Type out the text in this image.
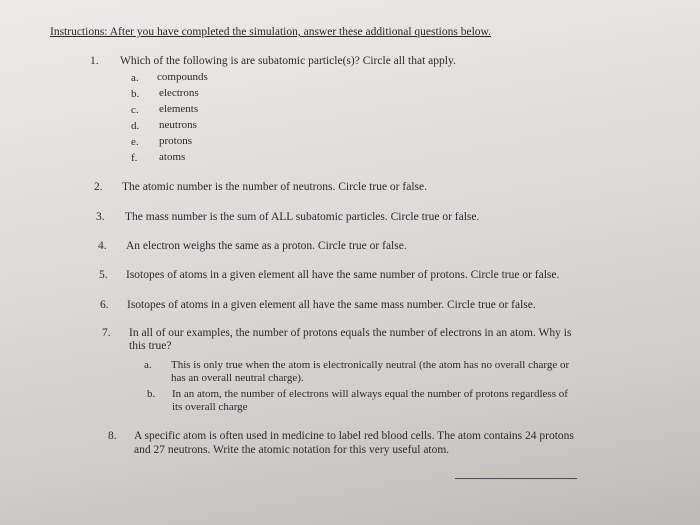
Instructions: After you have completed the simulation, answer these additional questions below.
1. Which of the following is are subatomic particle(s)? Circle all that apply.
a. compounds
b. electrons
c. elements
d. neutrons
e. protons
f. atoms
2. The atomic number is the number of neutrons. Circle true or false.
3. The mass number is the sum of ALL subatomic particles. Circle true or false.
4. An electron weighs the same as a proton. Circle true or false.
5. Isotopes of atoms in a given element all have the same number of protons. Circle true or false.
6. Isotopes of atoms in a given element all have the same mass number. Circle true or false.
7. In all of our examples, the number of protons equals the number of electrons in an atom. Why is
this true?
a. This is only true when the atom is electronically neutral (the atom has no overall charge or
has an overall neutral charge).
b. In an atom, the number of electrons will always equal the number of protons regardless of
its overall charge
8. A specific atom is often used in medicine to label red blood cells. The atom contains 24 protons
and 27 neutrons. Write the atomic notation for this very useful atom.
